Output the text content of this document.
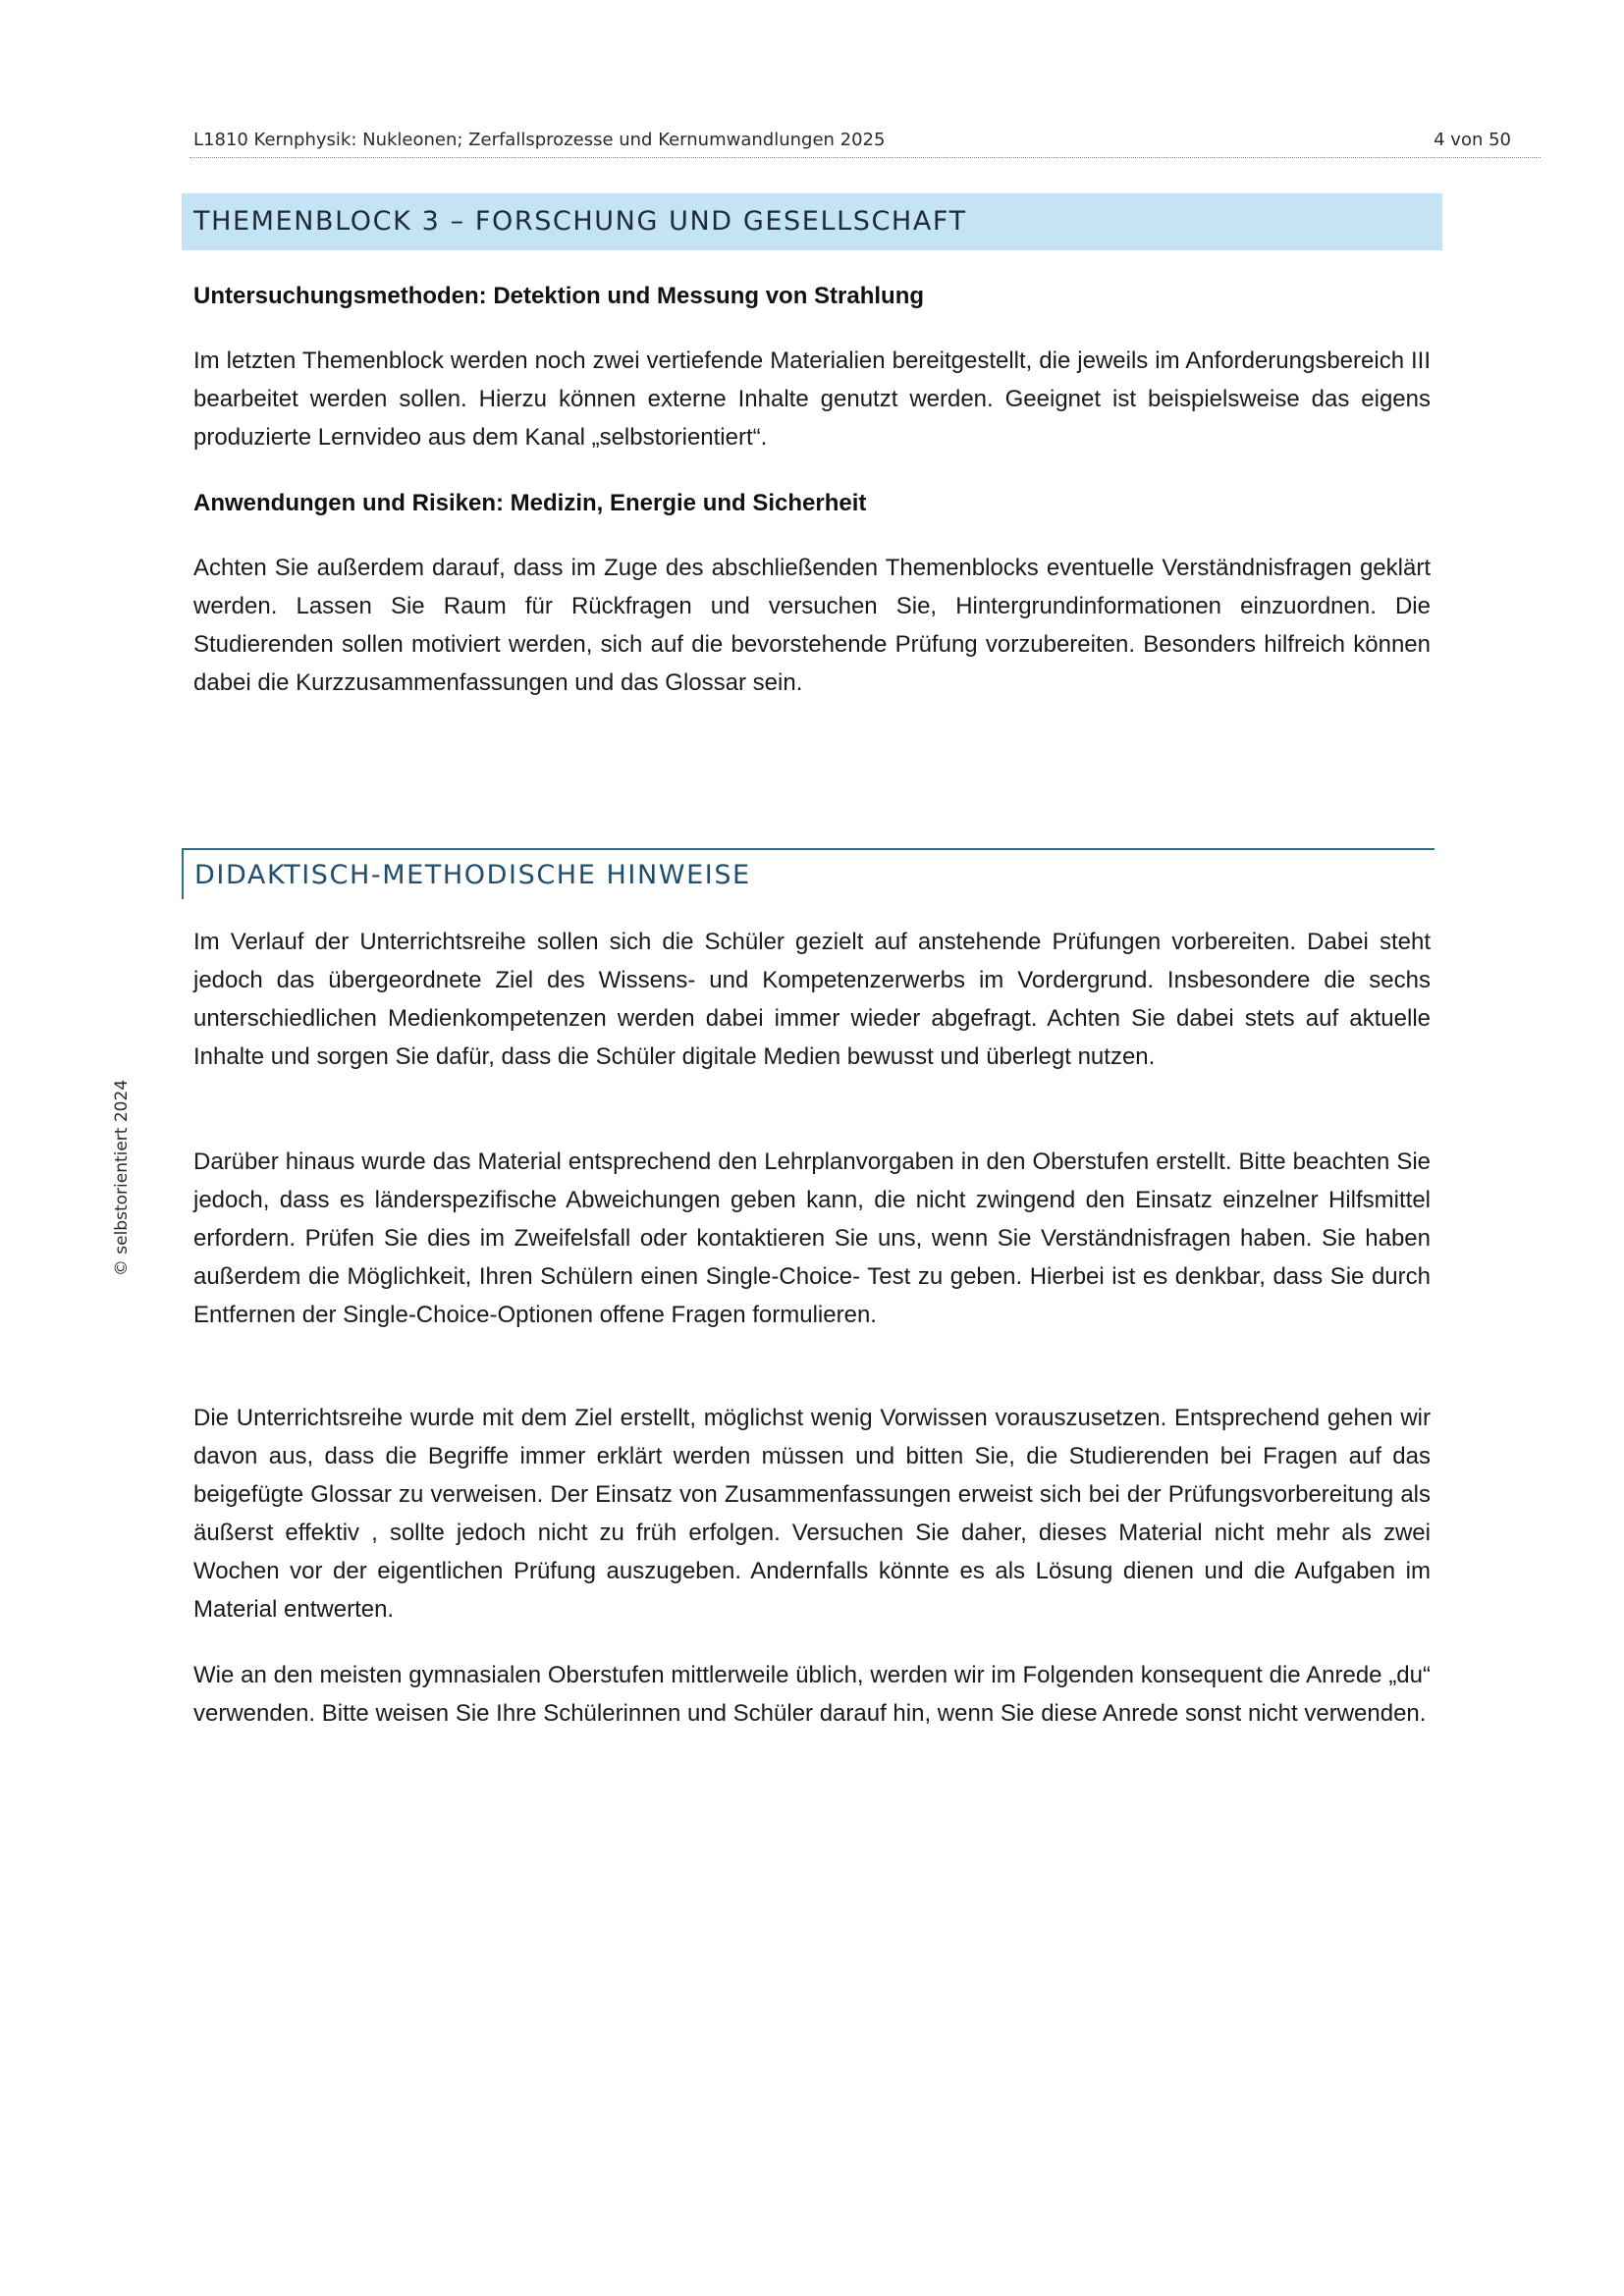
L1810 Kernphysik: Nukleonen; Zerfallsprozesse und Kernumwandlungen 2025	4 von 50
THEMENBLOCK 3 – FORSCHUNG UND GESELLSCHAFT

Untersuchungsmethoden: Detektion und Messung von Strahlung

Im letzten Themenblock werden noch zwei vertiefende Materialien bereitgestellt, die jeweils im Anforderungsbereich III bearbeitet werden sollen. Hierzu können externe Inhalte genutzt werden. Geeignet ist beispielsweise das eigens produzierte Lernvideo aus dem Kanal „selbstorientiert“.

Anwendungen und Risiken: Medizin, Energie und Sicherheit

Achten Sie außerdem darauf, dass im Zuge des abschließenden Themenblocks eventuelle Verständnisfragen geklärt werden. Lassen Sie Raum für Rückfragen und versuchen Sie, Hintergrundinformationen einzuordnen. Die Studierenden sollen motiviert werden, sich auf die bevorstehende Prüfung vorzubereiten. Besonders hilfreich können dabei die Kurzzusammenfassungen und das Glossar sein.

DIDAKTISCH-METHODISCHE HINWEISE

Im Verlauf der Unterrichtsreihe sollen sich die Schüler gezielt auf anstehende Prüfungen vorbereiten. Dabei steht jedoch das übergeordnete Ziel des Wissens- und Kompetenzerwerbs im Vordergrund. Insbesondere die sechs unterschiedlichen Medienkompetenzen werden dabei immer wieder abgefragt. Achten Sie dabei stets auf aktuelle Inhalte und sorgen Sie dafür, dass die Schüler digitale Medien bewusst und überlegt nutzen.

Darüber hinaus wurde das Material entsprechend den Lehrplanvorgaben in den Oberstufen erstellt. Bitte beachten Sie jedoch, dass es länderspezifische Abweichungen geben kann, die nicht zwingend den Einsatz einzelner Hilfsmittel erfordern. Prüfen Sie dies im Zweifelsfall oder kontaktieren Sie uns, wenn Sie Verständnisfragen haben. Sie haben außerdem die Möglichkeit, Ihren Schülern einen Single-Choice- Test zu geben. Hierbei ist es denkbar, dass Sie durch Entfernen der Single-Choice-Optionen offene Fragen formulieren.

Die Unterrichtsreihe wurde mit dem Ziel erstellt, möglichst wenig Vorwissen vorauszusetzen. Entsprechend gehen wir davon aus, dass die Begriffe immer erklärt werden müssen und bitten Sie, die Studierenden bei Fragen auf das beigefügte Glossar zu verweisen. Der Einsatz von Zusammenfassungen erweist sich bei der Prüfungsvorbereitung als äußerst effektiv , sollte jedoch nicht zu früh erfolgen. Versuchen Sie daher, dieses Material nicht mehr als zwei Wochen vor der eigentlichen Prüfung auszugeben. Andernfalls könnte es als Lösung dienen und die Aufgaben im Material entwerten.

Wie an den meisten gymnasialen Oberstufen mittlerweile üblich, werden wir im Folgenden konsequent die Anrede „du“ verwenden. Bitte weisen Sie Ihre Schülerinnen und Schüler darauf hin, wenn Sie diese Anrede sonst nicht verwenden.

© selbstorientiert 2024
